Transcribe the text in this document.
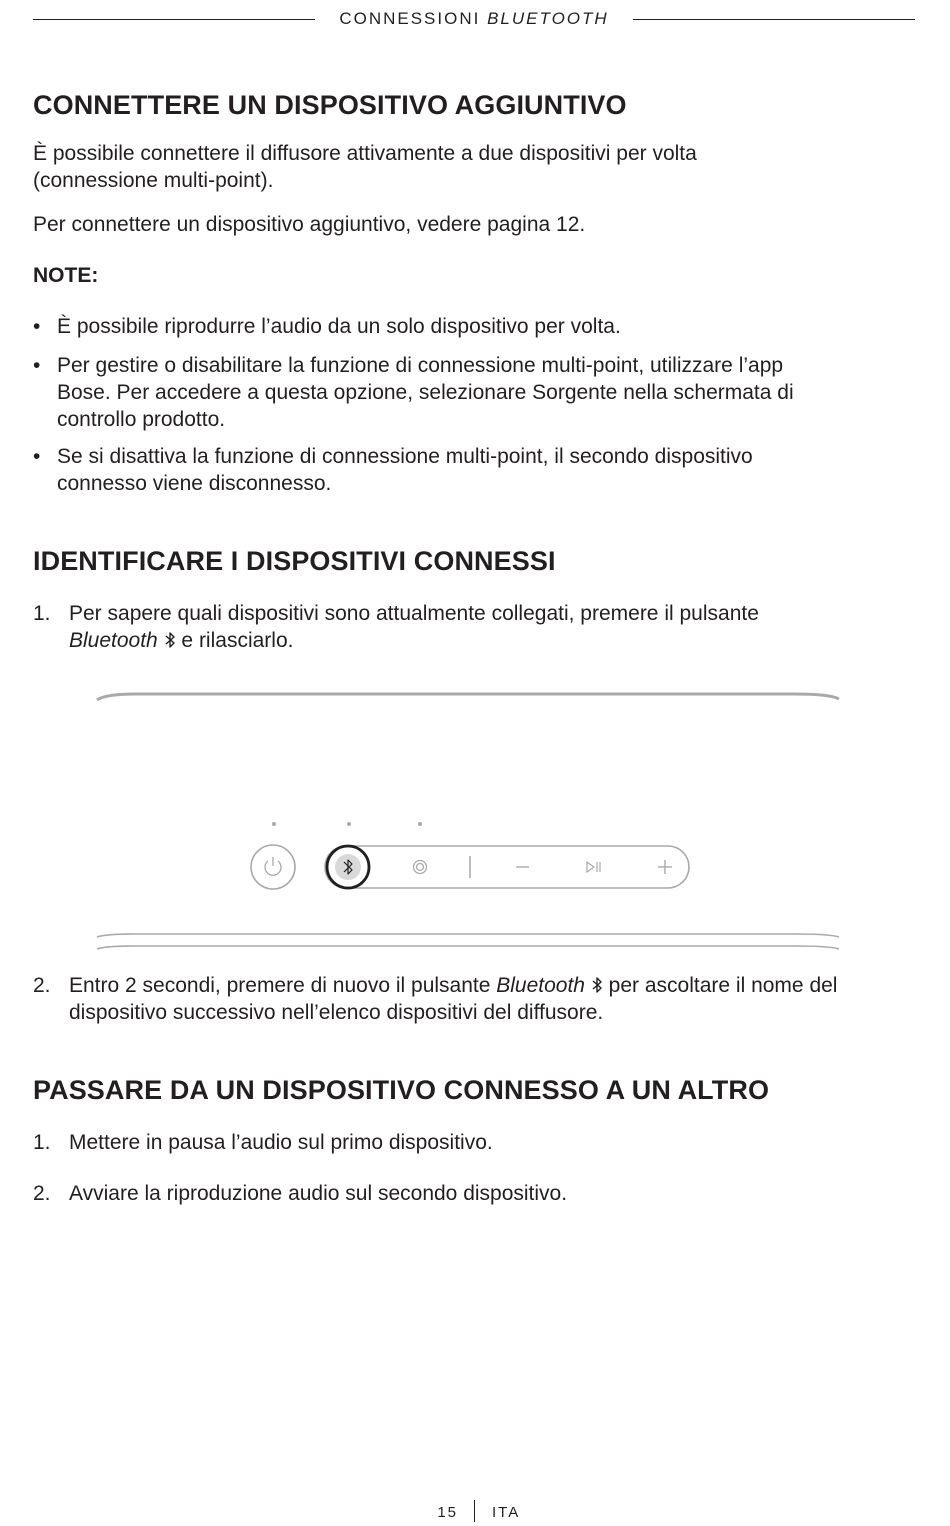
CONNESSIONI BLUETOOTH
CONNETTERE UN DISPOSITIVO AGGIUNTIVO

È possibile connettere il diffusore attivamente a due dispositivi per volta

(connessione multi-point).

Per connettere un dispositivo aggiuntivo, vedere pagina 12.

NOTE:

• È possibile riprodurre l’audio da un solo dispositivo per volta.
• Per gestire o disabilitare la funzione di connessione multi-point, utilizzare l’app
Bose. Per accedere a questa opzione, selezionare Sorgente nella schermata di
controllo prodotto.
• Se si disattiva la funzione di connessione multi-point, il secondo dispositivo
connesso viene disconnesso.
IDENTIFICARE I DISPOSITIVI CONNESSI
1. Per sapere quali dispositivi sono attualmente collegati, premere il pulsante
Bluetooth  e rilasciarlo.
2. Entro 2 secondi, premere di nuovo il pulsante Bluetooth  per ascoltare il nome del
dispositivo successivo nell’elenco dispositivi del diffusore.
PASSARE DA UN DISPOSITIVO CONNESSO A UN ALTRO
1. Mettere in pausa l’audio sul primo dispositivo.
2. Avviare la riproduzione audio sul secondo dispositivo.
15 ITA
